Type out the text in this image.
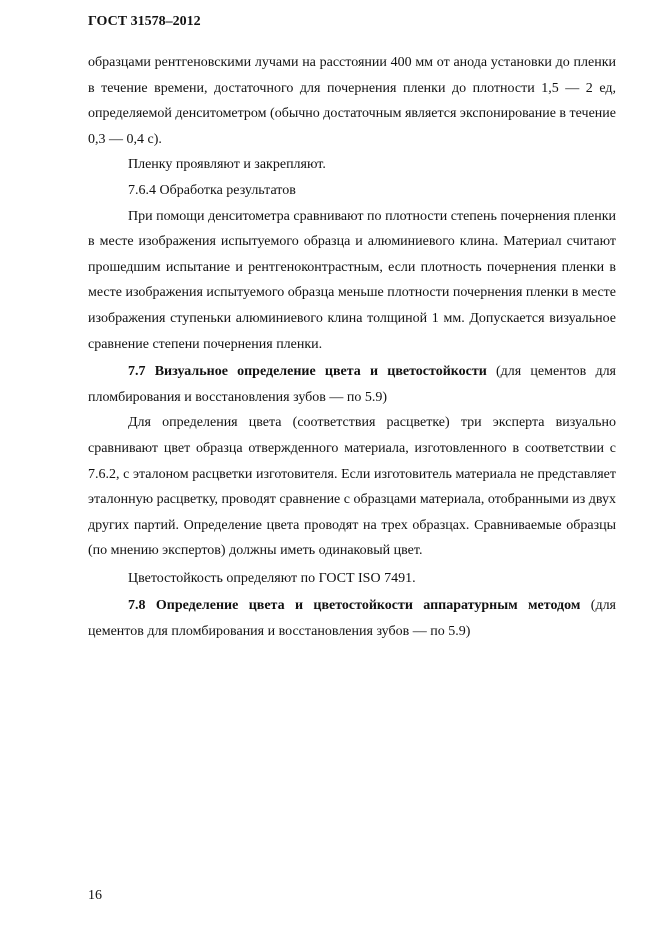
ГОСТ 31578–2012

образцами рентгеновскими лучами на расстоянии 400 мм от анода установки до пленки в течение времени, достаточного для почернения пленки до плотности 1,5 — 2 ед, определяемой денситометром (обычно достаточным является экспонирование в течение 0,3 — 0,4 с).

Пленку проявляют и закрепляют.

7.6.4 Обработка результатов

При помощи денситометра сравнивают по плотности степень почернения пленки в месте изображения испытуемого образца и алюминиевого клина. Материал считают прошедшим испытание и рентгеноконтрастным, если плотность почернения пленки в месте изображения испытуемого образца меньше плотности почернения пленки в месте изображения ступеньки алюминиевого клина толщиной 1 мм. Допускается визуальное сравнение степени почернения пленки.

7.7 Визуальное определение цвета и цветостойкости (для цементов для пломбирования и восстановления зубов — по 5.9)

Для определения цвета (соответствия расцветке) три эксперта визуально сравнивают цвет образца отвержденного материала, изготовленного в соответствии с 7.6.2, с эталоном расцветки изготовителя. Если изготовитель материала не представляет эталонную расцветку, проводят сравнение с образцами материала, отобранными из двух других партий. Определение цвета проводят на трех образцах. Сравниваемые образцы (по мнению экспертов) должны иметь одинаковый цвет.

Цветостойкость определяют по ГОСТ ISO 7491.

7.8 Определение цвета и цветостойкости аппаратурным методом (для цементов для пломбирования и восстановления зубов — по 5.9)

16
